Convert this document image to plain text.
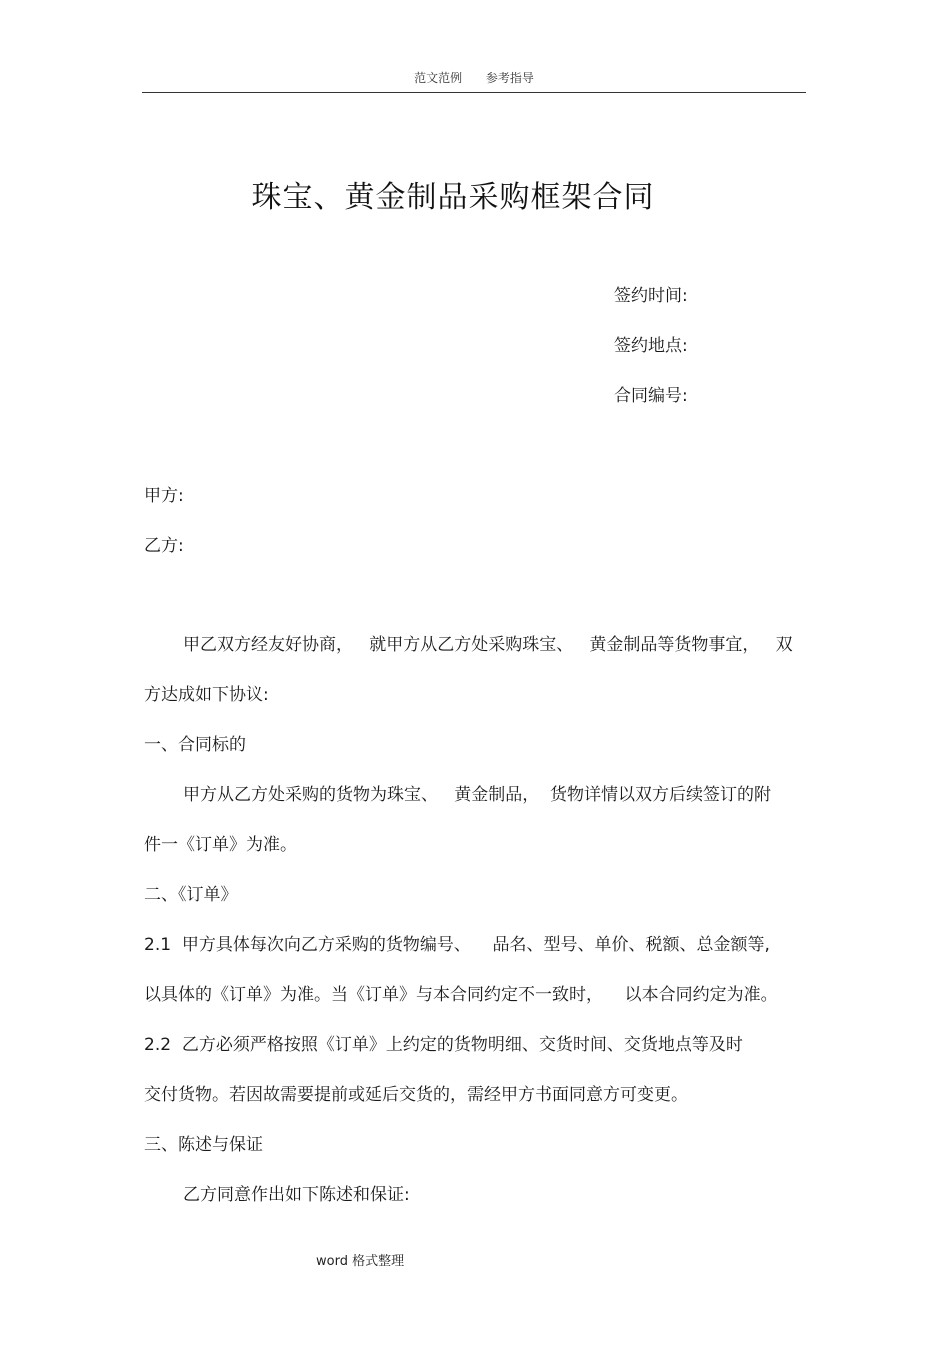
范文范例 参考指导
珠宝、黄金制品采购框架合同
签约时间:
签约地点:
合同编号:
甲方:
乙方:
甲乙双方经友好协商，   就甲方从乙方处采购珠宝、   黄金制品等货物事宜，   双
方达成如下协议:
一、合同标的
甲方从乙方处采购的货物为珠宝、   黄金制品，  货物详情以双方后续签订的附
件一《订单》为准。
二、《订单》
2.1  甲方具体每次向乙方采购的货物编号、    品名、型号、单价、税额、总金额等,
以具体的《订单》为准。当《订单》与本合同约定不一致时，    以本合同约定为准。
2.2  乙方必须严格按照《订单》上约定的货物明细、交货时间、交货地点等及时
交付货物。若因故需要提前或延后交货的，需经甲方书面同意方可变更。
三、陈述与保证
乙方同意作出如下陈述和保证:
word 格式整理
